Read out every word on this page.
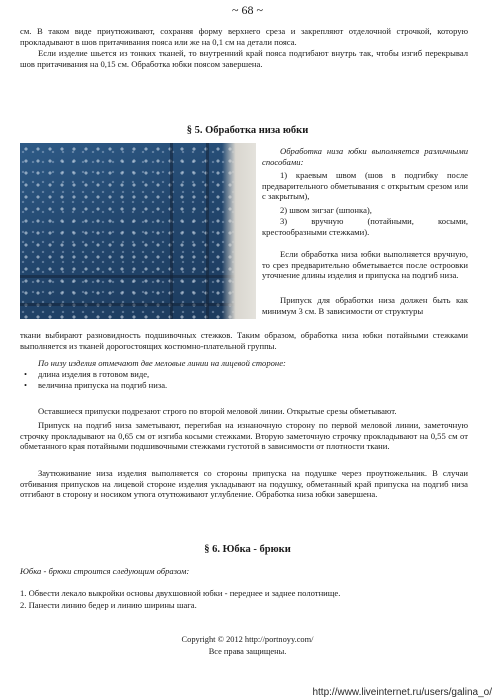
~ 68 ~

см. В таком виде приутюживают, сохраняя форму верхнего среза и закрепляют отделочной строчкой, которую прокладывают в шов притачивания пояса или же на 0,1 см на детали пояса.

Если изделие шьется из тонких тканей, то внутренний край пояса подгибают внутрь так, чтобы изгиб перекрывал шов притачивания на 0,15 см. Обработка юбки поясом завершена.

§ 5. Обработка низа юбки

Обработка низа юбки выполняется различными способами:

1) краевым швом (шов в подгибку после предварительного обметывания с открытым срезом или с закрытым),

2) швом зигзаг (шпонка),

3) вручную (потайными, косыми, крестообразными стежками).

Если обработка низа юбки выполняется вручную, то срез предварительно обметывается после остроовки уточнение длины изделия и припуска на подгиб низа.

Припуск для обработки низа должен быть как минимум 3 см. В зависимости от структуры

ткани выбирают разновидность подшивочных стежков. Таким образом, обработка низа юбки потайными стежками выполняется из тканей дорогостоящих костюмно-плательной группы.

По низу изделия отмечают две меловые линии на лицевой стороне:

• длина изделия в готовом виде,
• величина припуска на подгиб низа.

Оставшиеся припуски подрезают строго по второй меловой линии. Открытые срезы обметывают.

Припуск на подгиб низа заметывают, перегибая на изнаночную сторону по первой меловой линии, заметочную строчку прокладывают на 0,65 см от изгиба косыми стежками. Вторую заметочную строчку прокладывают на 0,55 см от обметанного края потайными подшивочными стежками густотой в зависимости от плотности ткани.

Заутюживание низа изделия выполняется со стороны припуска на подушке через проутюжельник. В случаи отбивания припусков на лицевой стороне изделия укладывают на подушку, обметанный край припуска на подгиб низа отгибают в сторону и носиком утюга отутюживают углубление. Обработка низа юбки завершена.

§ 6. Юбка - брюки

Юбка - брюки строится следующим образом:

1. Обвести лекало выкройки основы двухшовной юбки - переднее и заднее полотнище.

2. Панести линию бедер и линию ширины шага.

Copyright © 2012 http://portnoyy.com/
Все права защищены.
http://www.liveinternet.ru/users/galina_o/
